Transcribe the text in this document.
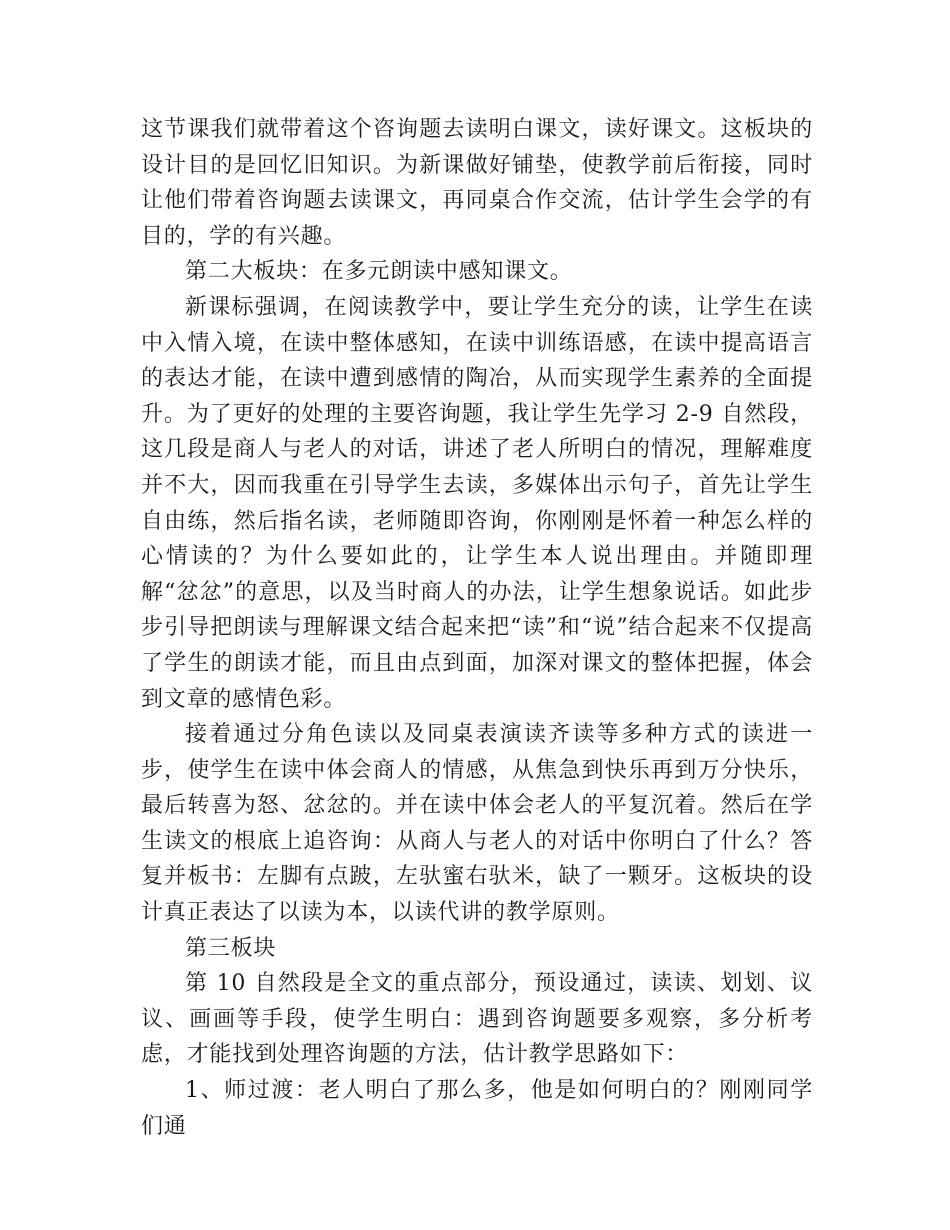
这节课我们就带着这个咨询题去读明白课文，读好课文。这板块的设计目的是回忆旧知识。为新课做好铺垫，使教学前后衔接，同时让他们带着咨询题去读课文，再同桌合作交流，估计学生会学的有目的，学的有兴趣。

第二大板块：在多元朗读中感知课文。

新课标强调，在阅读教学中，要让学生充分的读，让学生在读中入情入境，在读中整体感知，在读中训练语感，在读中提高语言的表达才能，在读中遭到感情的陶冶，从而实现学生素养的全面提升。为了更好的处理的主要咨询题，我让学生先学习 2-9 自然段，这几段是商人与老人的对话，讲述了老人所明白的情况，理解难度并不大，因而我重在引导学生去读，多媒体出示句子，首先让学生自由练，然后指名读，老师随即咨询，你刚刚是怀着一种怎么样的心情读的？为什么要如此的，让学生本人说出理由。并随即理解“忿忿”的意思，以及当时商人的办法，让学生想象说话。如此步步引导把朗读与理解课文结合起来把“读”和“说”结合起来不仅提高了学生的朗读才能，而且由点到面，加深对课文的整体把握，体会到文章的感情色彩。

接着通过分角色读以及同桌表演读齐读等多种方式的读进一步，使学生在读中体会商人的情感，从焦急到快乐再到万分快乐，最后转喜为怒、忿忿的。并在读中体会老人的平复沉着。然后在学生读文的根底上追咨询：从商人与老人的对话中你明白了什么？答复并板书：左脚有点跛，左驮蜜右驮米，缺了一颗牙。这板块的设计真正表达了以读为本，以读代讲的教学原则。

第三板块

第 10 自然段是全文的重点部分，预设通过，读读、划划、议议、画画等手段，使学生明白：遇到咨询题要多观察，多分析考虑，才能找到处理咨询题的方法，估计教学思路如下：

1、师过渡：老人明白了那么多，他是如何明白的？刚刚同学们通
